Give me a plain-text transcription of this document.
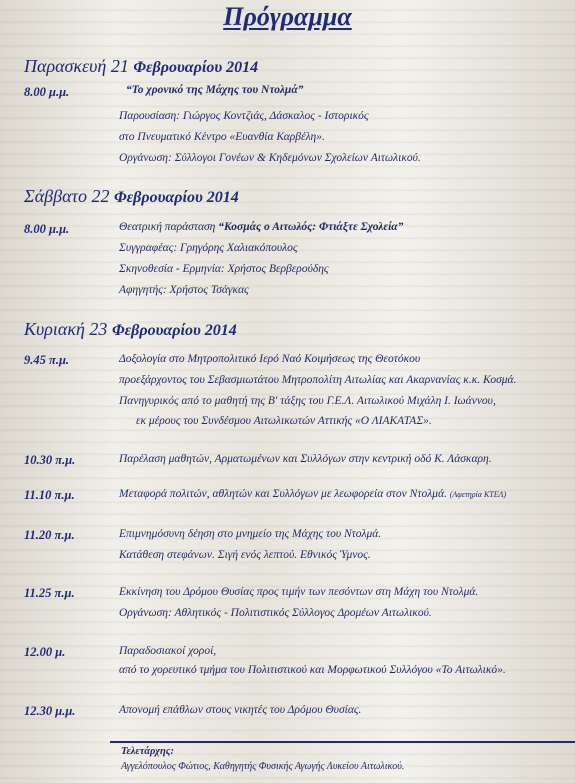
Πρόγραμμα
Παρασκευή 21 Φεβρουαρίου 2014
8.00 μ.μ.	“Το χρονικό της Μάχης του Ντολμά”
Παρουσίαση: Γιώργος Κοντζιάς, Δάσκαλος - Ιστορικός
στο Πνευματικό Κέντρο «Ευανθία Καρβέλη».
Οργάνωση: Σύλλογοι Γονέων & Κηδεμόνων Σχολείων Αιτωλικού.
Σάββατο 22 Φεβρουαρίου 2014
8.00 μ.μ.	Θεατρική παράσταση “Κοσμάς ο Αιτωλός: Φτιάξτε Σχολεία”
Συγγραφέας: Γρηγόρης Χαλιακόπουλος
Σκηνοθεσία - Ερμηνία: Χρήστος Βερβερούδης
Αφηγητής: Χρήστος Τσάγκας
Κυριακή 23 Φεβρουαρίου 2014
9.45 π.μ.	Δοξολογία στο Μητροπολιτικό Ιερό Ναό Κοιμήσεως της Θεοτόκου
προεξάρχοντος του Σεβασμιωτάτου Μητροπολίτη Αιτωλίας και Ακαρνανίας κ.κ. Κοσμά.
Πανηγυρικός από το μαθητή της Β' τάξης του Γ.Ε.Λ. Αιτωλικού Μιχάλη Ι. Ιωάννου,
εκ μέρους του Συνδέσμου Αιτωλικωτών Αττικής «Ο ΛΙΑΚΑΤΑΣ».
10.30 π.μ.	Παρέλαση μαθητών, Αρματωμένων και Συλλόγων στην κεντρική οδό Κ. Λάσκαρη.
11.10 π.μ.	Μεταφορά πολιτών, αθλητών και Συλλόγων με λεωφορεία στον Ντολμά. (Αφετηρία ΚΤΕΛ)
11.20 π.μ.	Επιμνημόσυνη δέηση στο μνημείο της Μάχης του Ντολμά.
Κατάθεση στεφάνων. Σιγή ενός λεπτού. Εθνικός Ύμνος.
11.25 π.μ.	Εκκίνηση του Δρόμου Θυσίας προς τιμήν των πεσόντων στη Μάχη του Ντολμά.
Οργάνωση: Αθλητικός - Πολιτιστικός Σύλλογος Δρομέων Αιτωλικού.
12.00 μ.	Παραδοσιακοί χοροί,
από το χορευτικό τμήμα του Πολιτιστικού και Μορφωτικού Συλλόγου «Το Αιτωλικό».
12.30 μ.μ.	Απονομή επάθλων στους νικητές του Δρόμου Θυσίας.
Τελετάρχης:
Αγγελόπουλος Φώτιος, Καθηγητής Φυσικής Αγωγής Λυκείου Αιτωλικού.
